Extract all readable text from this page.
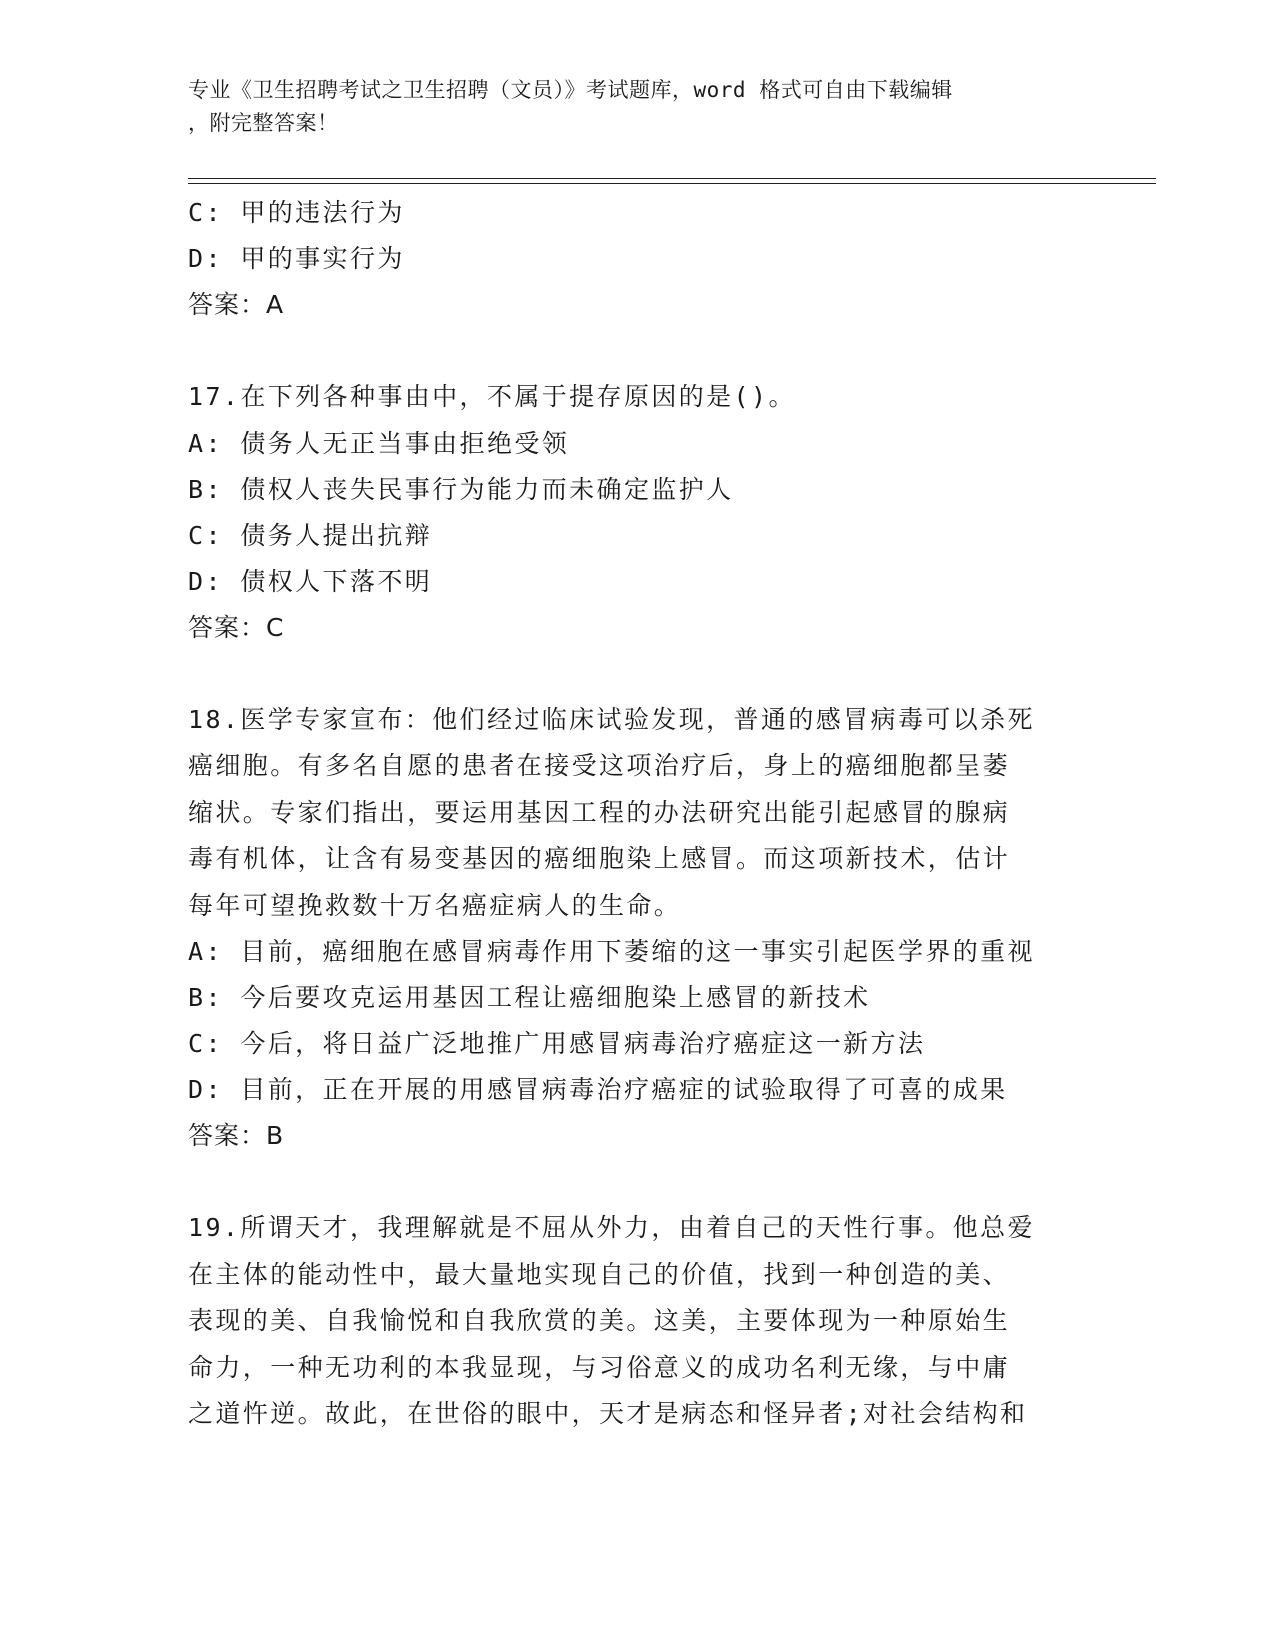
专业《卫生招聘考试之卫生招聘（文员）》考试题库，word 格式可自由下载编辑
，附完整答案！
C: 甲的违法行为
D: 甲的事实行为
答案：A
17.在下列各种事由中，不属于提存原因的是()。
A: 债务人无正当事由拒绝受领
B: 债权人丧失民事行为能力而未确定监护人
C: 债务人提出抗辩
D: 债权人下落不明
答案：C
18.医学专家宣布：他们经过临床试验发现，普通的感冒病毒可以杀死
癌细胞。有多名自愿的患者在接受这项治疗后，身上的癌细胞都呈萎
缩状。专家们指出，要运用基因工程的办法研究出能引起感冒的腺病
毒有机体，让含有易变基因的癌细胞染上感冒。而这项新技术，估计
每年可望挽救数十万名癌症病人的生命。
A: 目前，癌细胞在感冒病毒作用下萎缩的这一事实引起医学界的重视
B: 今后要攻克运用基因工程让癌细胞染上感冒的新技术
C: 今后，将日益广泛地推广用感冒病毒治疗癌症这一新方法
D: 目前，正在开展的用感冒病毒治疗癌症的试验取得了可喜的成果
答案：B
19.所谓天才，我理解就是不屈从外力，由着自己的天性行事。他总爱
在主体的能动性中，最大量地实现自己的价值，找到一种创造的美、
表现的美、自我愉悦和自我欣赏的美。这美，主要体现为一种原始生
命力，一种无功利的本我显现，与习俗意义的成功名利无缘，与中庸
之道忤逆。故此，在世俗的眼中，天才是病态和怪异者;对社会结构和
